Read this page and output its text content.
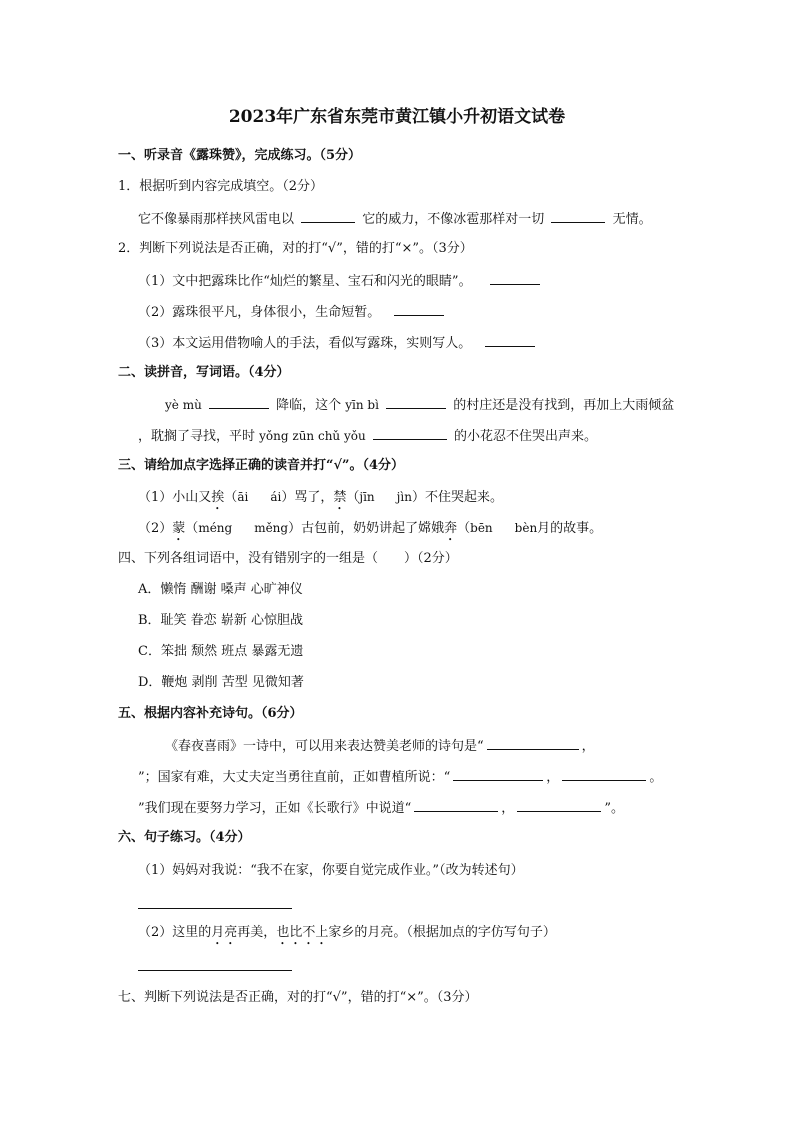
2023年广东省东莞市黄江镇小升初语文试卷
一、听录音《露珠赞》，完成练习。（5分）
1．根据听到内容完成填空。（2分）
它不像暴雨那样挟风雷电以	它的威力，不像冰雹那样对一切	无情。
2．判断下列说法是否正确，对的打“√”，错的打“×”。（3分）
（1）文中把露珠比作“灿烂的繁星、宝石和闪光的眼睛”。
（2）露珠很平凡，身体很小，生命短暂。
（3）本文运用借物喻人的手法，看似写露珠，实则写人。
二、读拼音，写词语。（4分）
yè mù	降临，这个 yīn bì	的村庄还是没有找到，再加上大雨倾盆
，耽搁了寻找，平时 yǒng zūn chǔ yǒu	的小花忍不住哭出声来。
三、请给加点字选择正确的读音并打“√”。（4分）
（1）小山又挨（āi ái）骂了，禁（jīn jìn）不住哭起来。
（2）蒙（méng měng）古包前，奶奶讲起了嫦娥奔（bēn bèn月的故事。
四、下列各组词语中，没有错别字的一组是（　　）（2分）
A．懒惰 酬谢 嗓声 心旷神仪
B．耻笑 眷恋 崭新 心惊胆战
C．笨拙 颓然 班点 暴露无遗
D．鞭炮 剥削 苦型 见微知著
五、根据内容补充诗句。（6分）
《春夜喜雨》一诗中，可以用来表达赞美老师的诗句是“	，
”；国家有难，大丈夫定当勇往直前，正如曹植所说：“	，	。
”我们现在要努力学习，正如《长歌行》中说道“	，	”。
六、句子练习。（4分）
（1）妈妈对我说：“我不在家，你要自觉完成作业。”（改为转述句）
（2）这里的月亮再美，也比不上家乡的月亮。（根据加点的字仿写句子）
七、判断下列说法是否正确，对的打“√”，错的打“×”。（3分）
